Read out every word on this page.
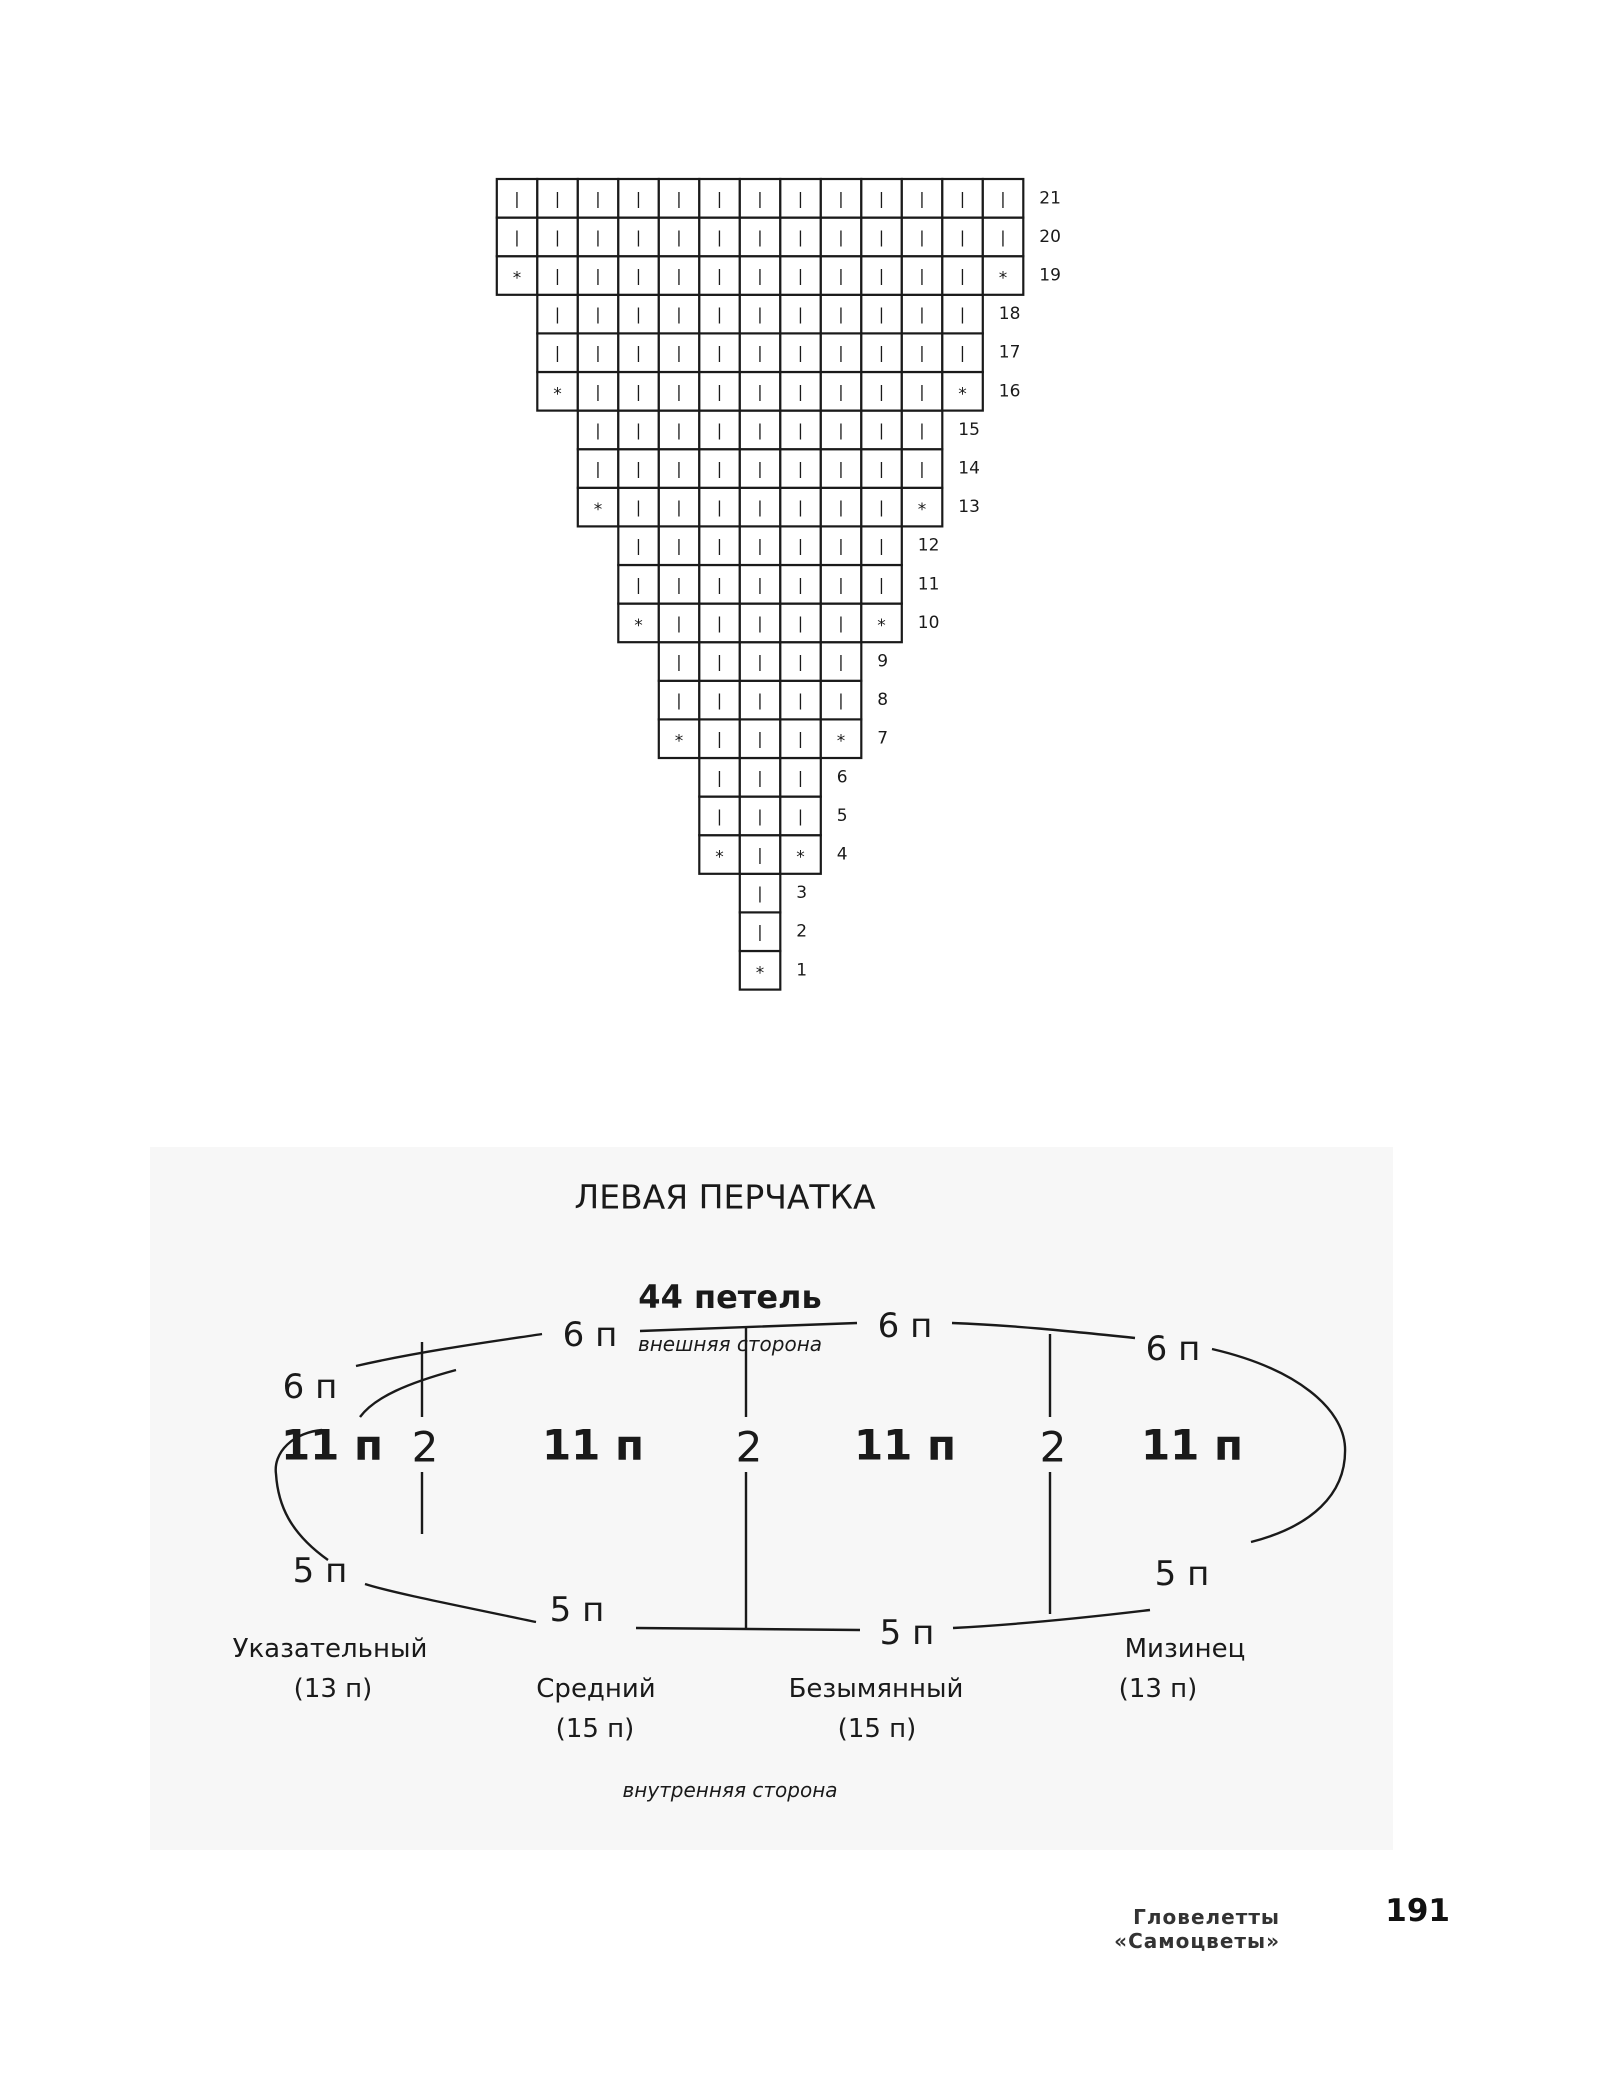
* 1
| 2
| 3
* | * 4
| | | 5
| | | 6
* | | | * 7
| | | | | 8
| | | | | 9
* | | | | | * 10
| | | | | | | 11
| | | | | | | 12
* | | | | | | | * 13
| | | | | | | | | 14
| | | | | | | | | 15
* | | | | | | | | | * 16
| | | | | | | | | | | 17
| | | | | | | | | | | 18
* | | | | | | | | | | | * 19
| | | | | | | | | | | | | 20
| | | | | | | | | | | | | 21
ЛЕВАЯ ПЕРЧАТКА
44 петель
внешняя сторона
внутренняя сторона
6 п
6 п	6 п
6 п
5 п
5 п
5 п
5 п
11 п	11 п	11 п	11 п
2	2	2
Указательный
(13 п)	Средний
(15 п)
Безымянный
(15 п)
Мизинец
(13 п)
Гловелетты «Самоцветы»
191
